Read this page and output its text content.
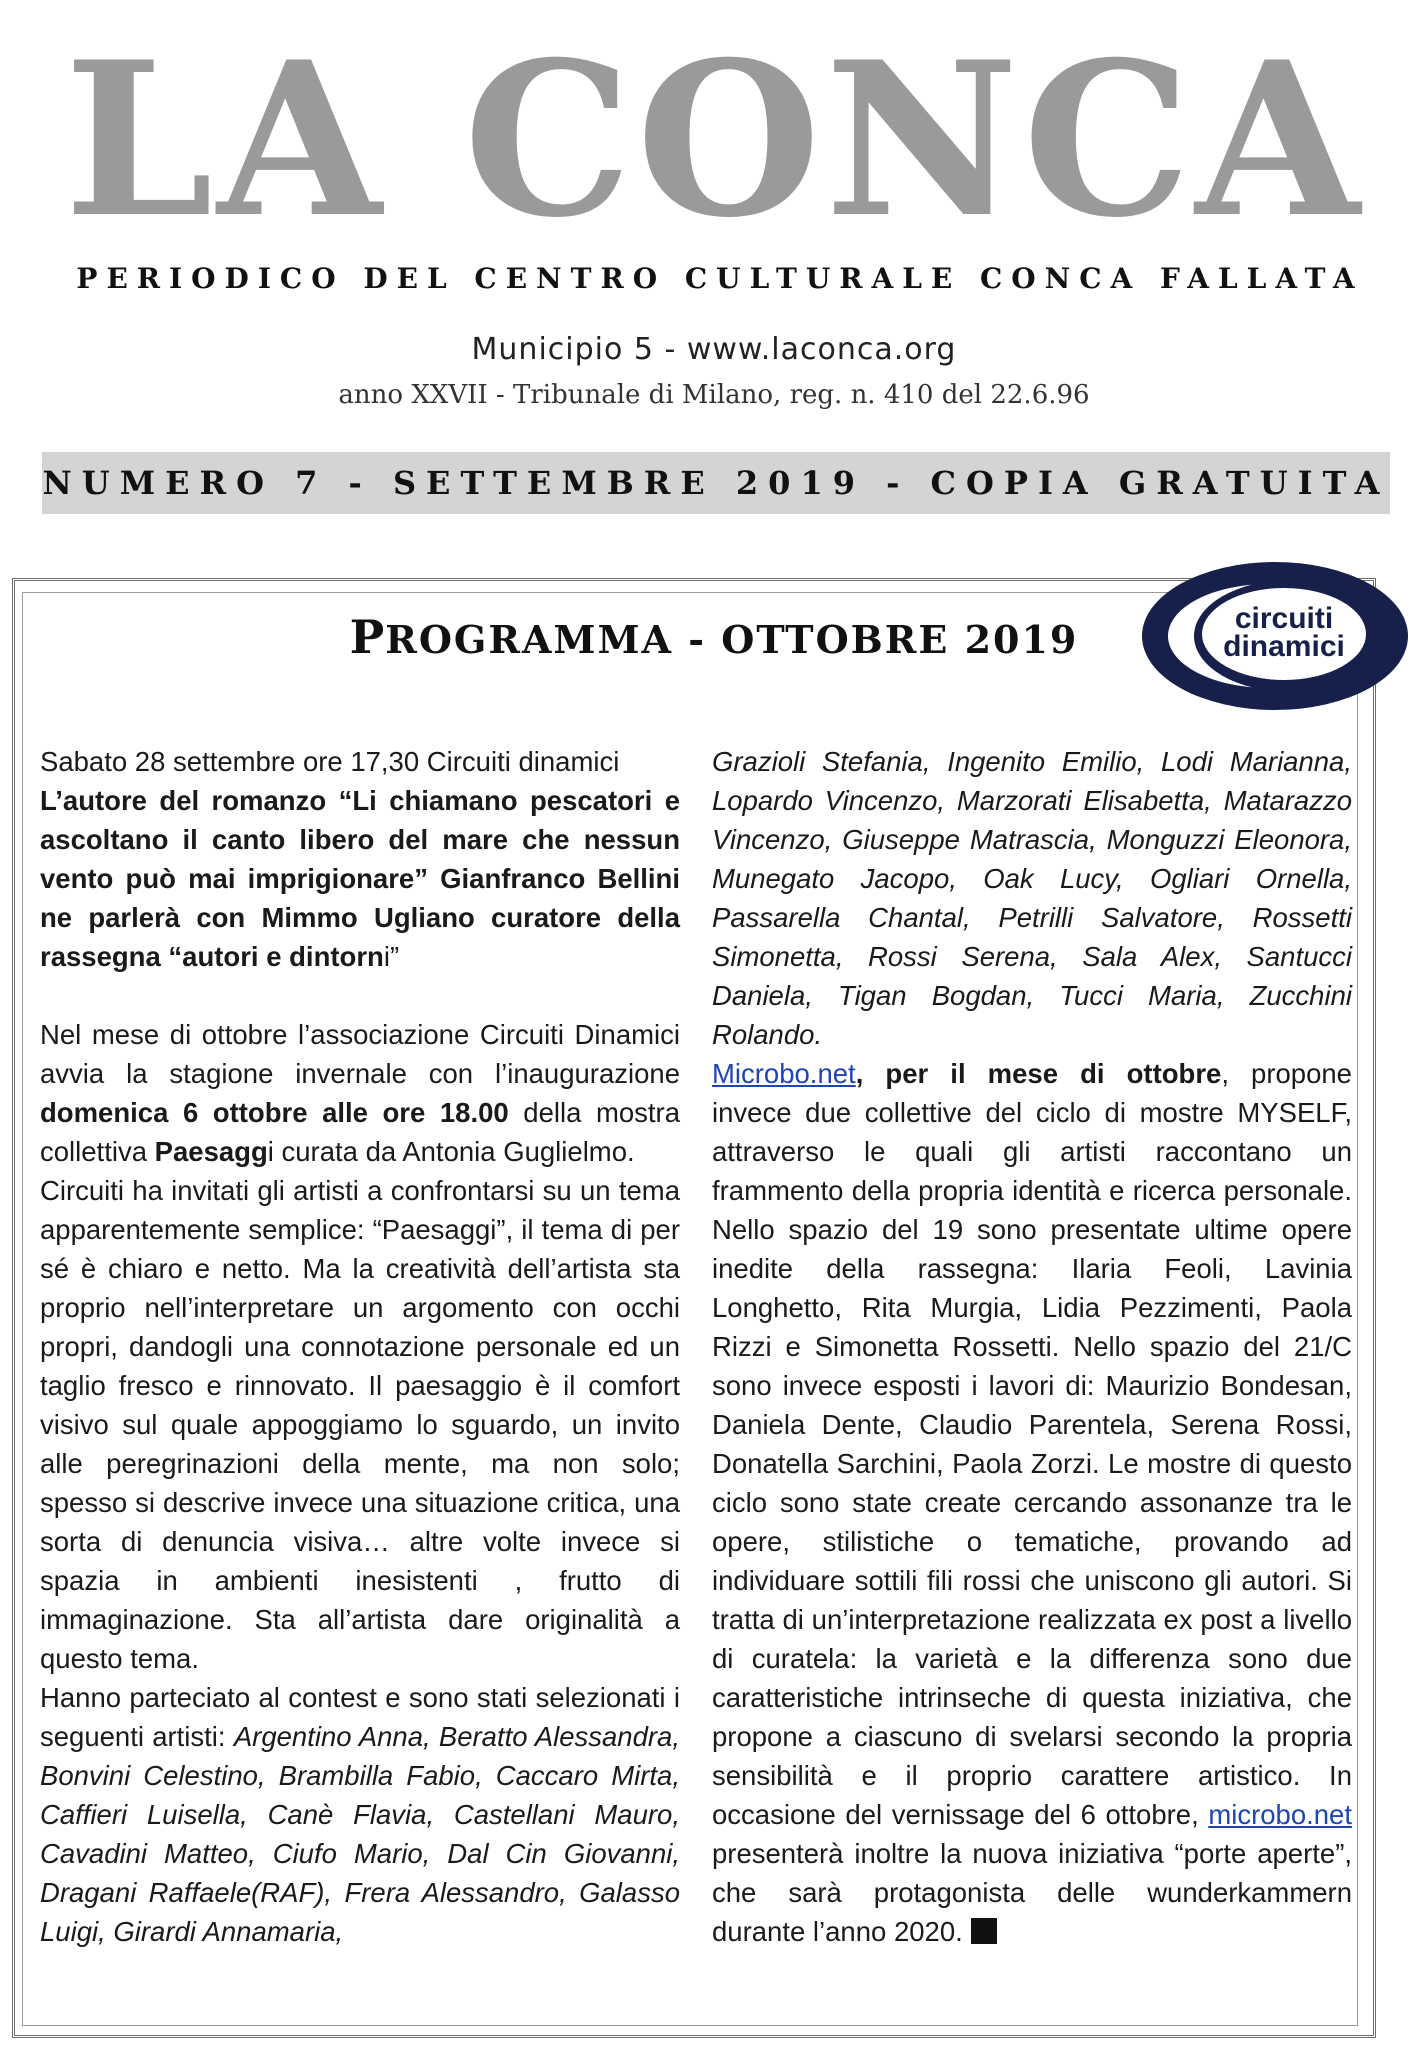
LA CONCA
PERIODICO DEL CENTRO CULTURALE CONCA FALLATA
Municipio 5 - www.laconca.org
anno XXVII - Tribunale di Milano, reg. n. 410 del 22.6.96
NUMERO 7 - SETTEMBRE 2019 - COPIA GRATUITA
PROGRAMMA - OTTOBRE 2019	circuiti
dinamici

Sabato 28 settembre ore 17,30 Circuiti dinamici
L’autore del romanzo “Li chiamano pescatori e ascoltano il canto libero del mare che nessun vento può mai imprigionare” Gianfranco Bellini ne parlerà con Mimmo Ugliano curatore della rassegna “autori e dintorni”

Nel mese di ottobre l’associazione Circuiti Dinamici avvia la stagione invernale con l’inaugurazione domenica 6 ottobre alle ore 18.00 della mostra collettiva Paesaggi curata da Antonia Guglielmo.

Circuiti ha invitati gli artisti a confrontarsi su un tema apparentemente semplice: “Paesaggi”, il tema di per sé è chiaro e netto. Ma la creatività dell’artista sta proprio nell’interpretare un argomento con occhi propri, dandogli una connotazione personale ed un taglio fresco e rinnovato. Il paesaggio è il comfort visivo sul quale appoggiamo lo sguardo, un invito alle peregrinazioni della mente, ma non solo; spesso si descrive invece una situazione critica, una sorta di denuncia visiva… altre volte invece si spazia in ambienti inesistenti , frutto di immaginazione. Sta all’artista dare originalità a questo tema.

Hanno parteciato al contest e sono stati selezionati i seguenti artisti: Argentino Anna, Beratto Alessandra, Bonvini Celestino, Brambilla Fabio, Caccaro Mirta, Caffieri Luisella, Canè Flavia, Castellani Mauro, Cavadini Matteo, Ciufo Mario, Dal Cin Giovanni, Dragani Raffaele(RAF), Frera Alessandro, Galasso Luigi, Girardi Annamaria,

Grazioli Stefania, Ingenito Emilio, Lodi Marianna, Lopardo Vincenzo, Marzorati Elisabetta, Matarazzo Vincenzo, Giuseppe Matrascia, Monguzzi Eleonora, Munegato Jacopo, Oak Lucy, Ogliari Ornella, Passarella Chantal, Petrilli Salvatore, Rossetti Simonetta, Rossi Serena, Sala Alex, Santucci Daniela, Tigan Bogdan, Tucci Maria, Zucchini Rolando.

Microbo.net, per il mese di ottobre, propone invece due collettive del ciclo di mostre MYSELF, attraverso le quali gli artisti raccontano un frammento della propria identità e ricerca personale. Nello spazio del 19 sono presentate ultime opere inedite della rassegna: Ilaria Feoli, Lavinia Longhetto, Rita Murgia, Lidia Pezzimenti, Paola Rizzi e Simonetta Rossetti. Nello spazio del 21/C sono invece esposti i lavori di: Maurizio Bondesan, Daniela Dente, Claudio Parentela, Serena Rossi, Donatella Sarchini, Paola Zorzi. Le mostre di questo ciclo sono state create cercando assonanze tra le opere, stilistiche o tematiche, provando ad individuare sottili fili rossi che uniscono gli autori. Si tratta di un’interpretazione realizzata ex post a livello di curatela: la varietà e la differenza sono due caratteristiche intrinseche di questa iniziativa, che propone a ciascuno di svelarsi secondo la propria sensibilità e il proprio carattere artistico. In occasione del vernissage del 6 ottobre, microbo.net presenterà inoltre la nuova iniziativa “porte aperte”, che sarà protagonista delle wunderkammern durante l’anno 2020.
